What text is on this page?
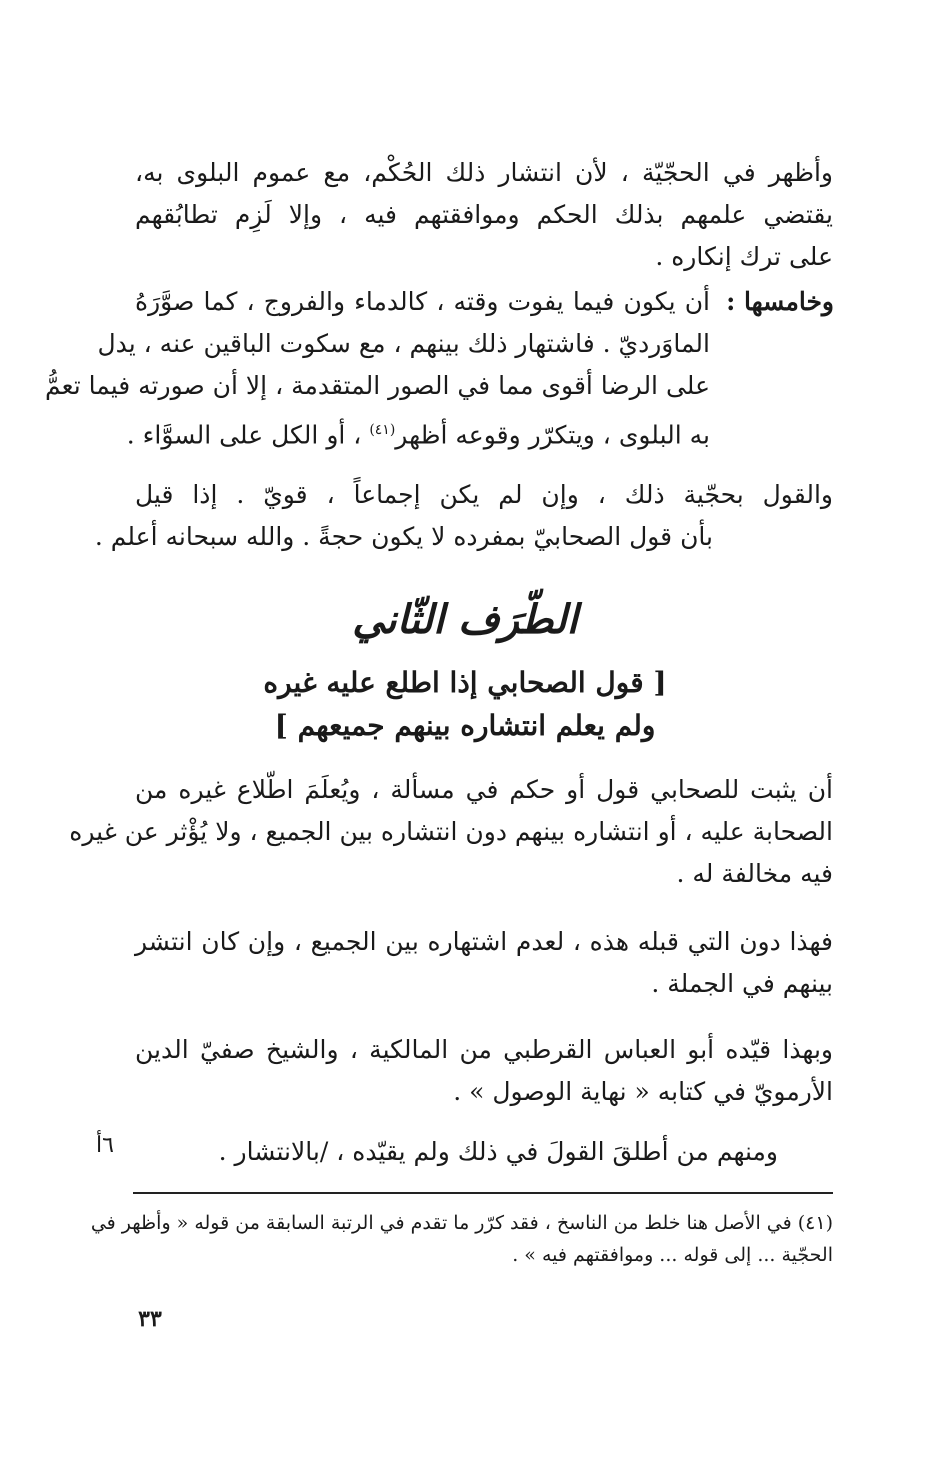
وأظهر في الحجّيّة ، لأن انتشار ذلك الحُكْم، مع عموم البلوى به،
يقتضي علمهم بذلك الحكم وموافقتهم فيه ، وإلا لَزِم تطابُقهم
على ترك إنكاره .
وخامسها :
أن يكون فيما يفوت وقته ، كالدماء والفروج ، كما صوَّرَهُ
الماوَرديّ . فاشتهار ذلك بينهم ، مع سكوت الباقين عنه ، يدل
على الرضا أقوى مما في الصور المتقدمة ، إلا أن صورته فيما تعمُّ
به البلوى ، ويتكرّر وقوعه أظهر$^{(٤١)}$ ، أو الكل على السوَّاء .
والقول بحجّية ذلك ، وإن لم يكن إجماعاً ، قويّ . إذا قيل
بأن قول الصحابيّ بمفرده لا يكون حجةً . والله سبحانه أعلم .
الطّرَف الثّاني
[ قول الصحابي إذا اطلع عليه غيره
ولم يعلم انتشاره بينهم جميعهم ]
أن يثبت للصحابي قول أو حكم في مسألة ، ويُعلَمَ اطّلاع غيره من
الصحابة عليه ، أو انتشاره بينهم دون انتشاره بين الجميع ، ولا يُؤْثر عن غيره
فيه مخالفة له .
فهذا دون التي قبله هذه ، لعدم اشتهاره بين الجميع ، وإن كان انتشر
بينهم في الجملة .
وبهذا قيّده أبو العباس القرطبي من المالكية ، والشيخ صفيّ الدين
الأرمويّ في كتابه « نهاية الوصول » .
ومنهم من أطلقَ القولَ في ذلك ولم يقيّده ، /بالانتشار .
٦أ
(٤١) في الأصل هنا خلط من الناسخ ، فقد كرّر ما تقدم في الرتبة السابقة من قوله « وأظهر في
الحجّية ... إلى قوله ... وموافقتهم فيه » .
٣٣
